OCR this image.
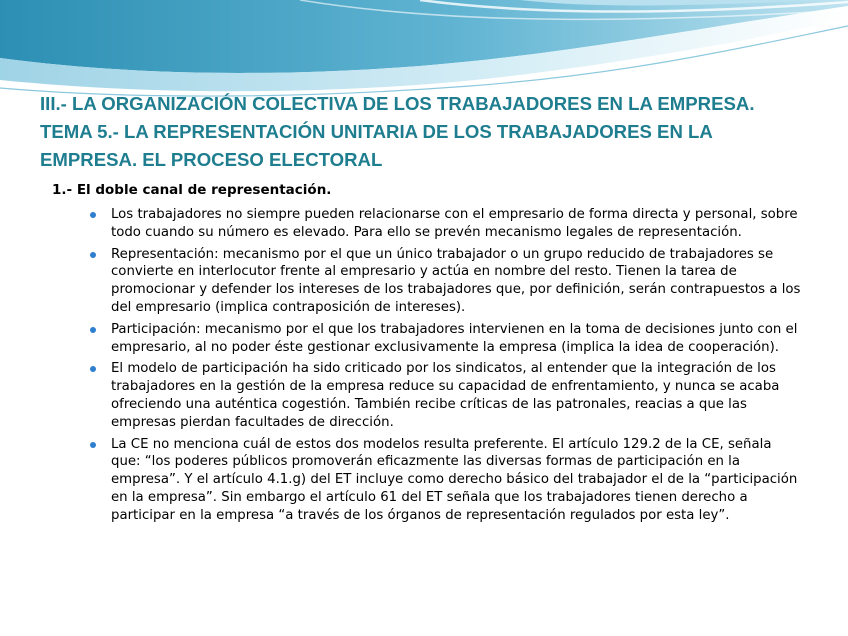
III.- LA ORGANIZACIÓN COLECTIVA DE LOS TRABAJADORES EN LA EMPRESA.
TEMA 5.- LA REPRESENTACIÓN UNITARIA DE LOS TRABAJADORES EN LA
EMPRESA. EL PROCESO ELECTORAL

1.- El doble canal de representación.

Los trabajadores no siempre pueden relacionarse con el empresario de forma directa y personal, sobre todo cuando su número es elevado. Para ello se prevén mecanismo legales de representación.
Representación: mecanismo por el que un único trabajador o un grupo reducido de trabajadores se convierte en interlocutor frente al empresario y actúa en nombre del resto. Tienen la tarea de promocionar y defender los intereses de los trabajadores que, por definición, serán contrapuestos a los del empresario (implica contraposición de intereses).
Participación: mecanismo por el que los trabajadores intervienen en la toma de decisiones junto con el empresario, al no poder éste gestionar exclusivamente la empresa (implica la idea de cooperación).
El modelo de participación ha sido criticado por los sindicatos, al entender que la integración de los trabajadores en la gestión de la empresa reduce su capacidad de enfrentamiento, y nunca se acaba ofreciendo una auténtica cogestión. También recibe críticas de las patronales, reacias a que las empresas pierdan facultades de dirección.
La CE no menciona cuál de estos dos modelos resulta preferente. El artículo 129.2 de la CE, señala que: “los poderes públicos promoverán eficazmente las diversas formas de participación en la empresa”. Y el artículo 4.1.g) del ET incluye como derecho básico del trabajador el de la “participación en la empresa”. Sin embargo el artículo 61 del ET señala que los trabajadores tienen derecho a participar en la empresa “a través de los órganos de representación regulados por esta ley”.
